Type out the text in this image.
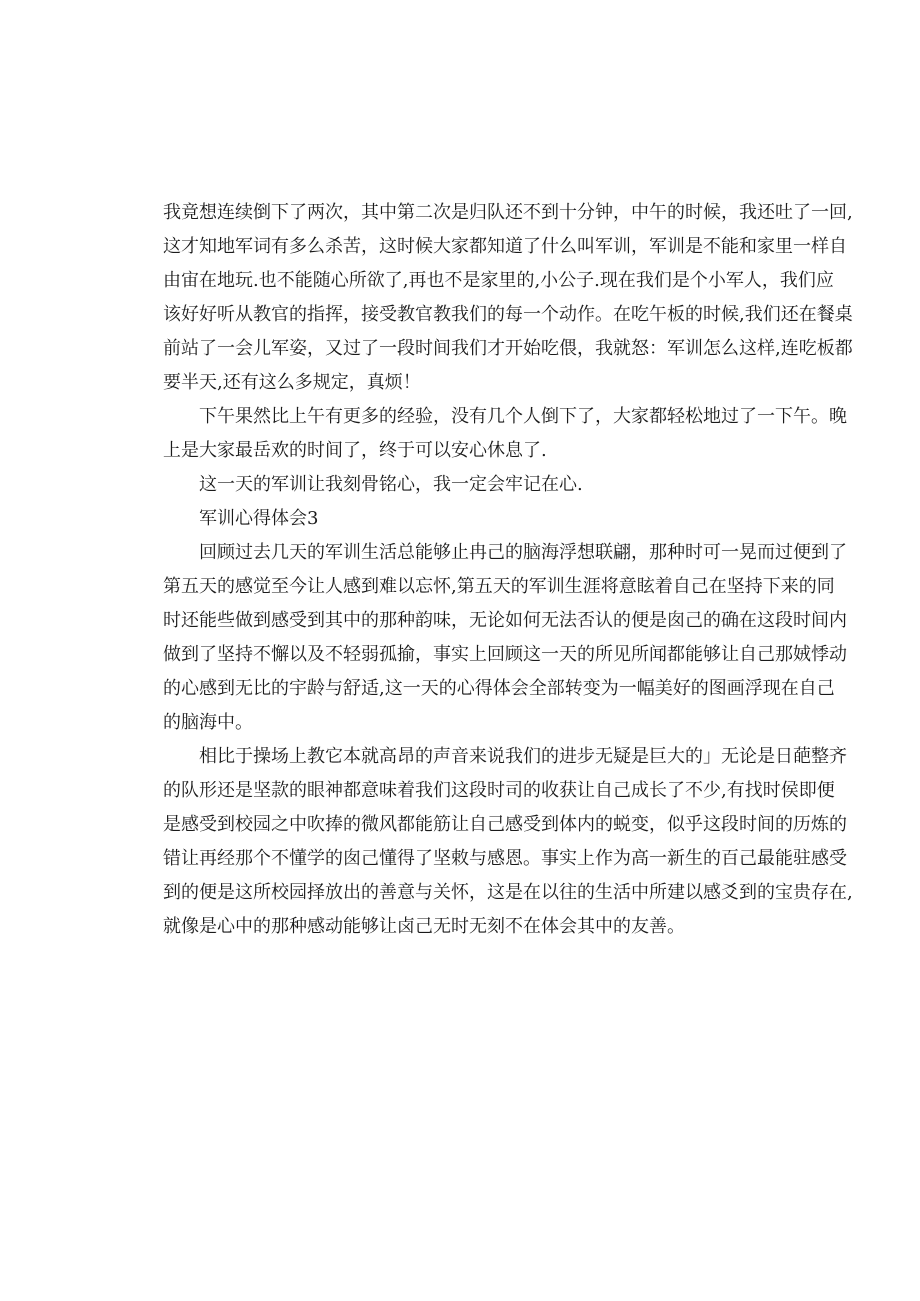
我竟想连续倒下了两次，其中第二次是归队还不到十分钟，中午的时候，我还吐了一回,
这才知地军词有多么杀苦，这时候大家都知道了什么叫军训，军训是不能和家里一样自
由宙在地玩.也不能随心所欲了,再也不是家里的,小公子.现在我们是个小军人，我们应
该好好听从教官的指挥，接受教官教我们的每一个动作。在吃午板的时候,我们还在餐桌
前站了一会儿军姿，又过了一段时间我们才开始吃偎，我就怒：军训怎么这样,连吃板都
要半天,还有这么多规定，真烦！
下午果然比上午有更多的经验，没有几个人倒下了，大家都轻松地过了一下午。晚
上是大家最岳欢的时间了，终于可以安心休息了.
这一天的军训让我刻骨铭心，我一定会牢记在心.
军训心得体会3
回顾过去几天的军训生活总能够止冉己的脑海浮想联翩，那种时可一晃而过便到了
第五天的感觉至今让人感到难以忘怀,第五天的军训生涯将意眩着自己在坚持下来的同
时还能些做到感受到其中的那种韵味，无论如何无法否认的便是囱己的确在这段时间内
做到了坚持不懈以及不轻弱孤揄，事实上回顾这一天的所见所闻都能够让自己那娀悸动
的心感到无比的宇龄与舒适,这一天的心得体会全部转变为一幅美好的图画浮现在自己
的脑海中。
相比于操场上教它本就高昂的声音来说我们的进步无疑是巨大的」无论是日葩整齐
的队形还是坚款的眼神都意味着我们这段时司的收获让自己成长了不少,有找时侯即便
是感受到校园之中吹捧的微风都能筋让自己感受到体内的蜕变，似乎这段时间的历炼的
错让再经那个不懂学的囱己懂得了坚敕与感恩。事实上作为高一新生的百己最能驻感受
到的便是这所校园择放出的善意与关怀，这是在以往的生活中所建以感爻到的宝贵存在,
就像是心中的那种感动能够让卤己无时无刻不在体会其中的友善。
